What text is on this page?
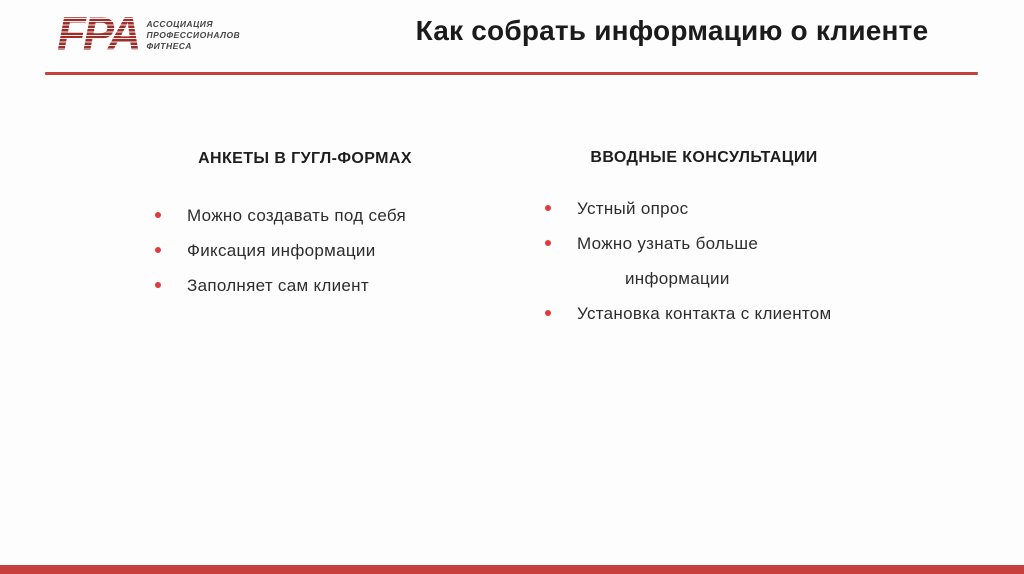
FPA АССОЦИАЦИЯ
ПРОФЕССИОНАЛОВ
ФИТНЕСА	Как собрать информацию о клиенте
АНКЕТЫ В ГУГЛ-ФОРМАХ
Можно создавать под себя
Фиксация информации
Заполняет сам клиент
ВВОДНЫЕ КОНСУЛЬТАЦИИ
Устный опрос
Можно узнать больше
информации
Установка контакта с клиентом
